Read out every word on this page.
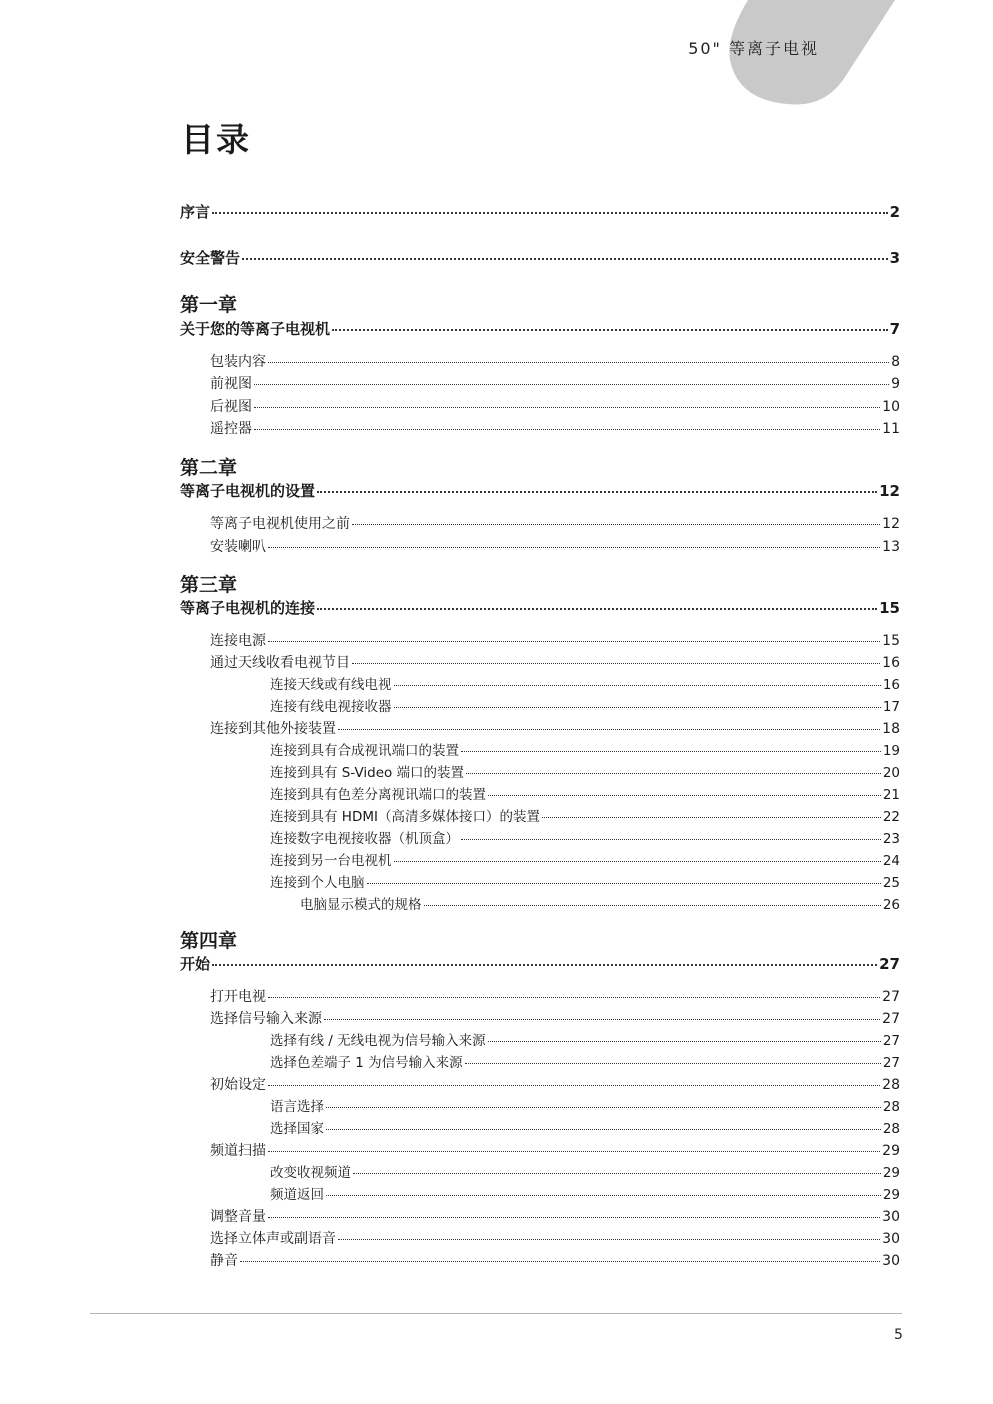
50" 等离子电视
目录
序言	2
安全警告	3
第一章
关于您的等离子电视机	7
包装内容	8
前视图	9
后视图	10
遥控器	11
第二章
等离子电视机的设置	12
等离子电视机使用之前	12
安装喇叭	13
第三章
等离子电视机的连接	15
连接电源	15
通过天线收看电视节目	16
连接天线或有线电视	16
连接有线电视接收器	17
连接到其他外接装置	18
连接到具有合成视讯端口的装置	19
连接到具有 S-Video 端口的装置	20
连接到具有色差分离视讯端口的装置	21
连接到具有 HDMI（高清多媒体接口）的装置	22
连接数字电视接收器（机顶盒）	23
连接到另一台电视机	24
连接到个人电脑	25
电脑显示模式的规格	26
第四章
开始	27
打开电视	27
选择信号输入来源	27
选择有线 / 无线电视为信号输入来源	27
选择色差端子 1 为信号输入来源	27
初始设定	28
语言选择	28
选择国家	28
频道扫描	29
改变收视频道	29
频道返回	29
调整音量	30
选择立体声或副语音	30
静音	30
5
